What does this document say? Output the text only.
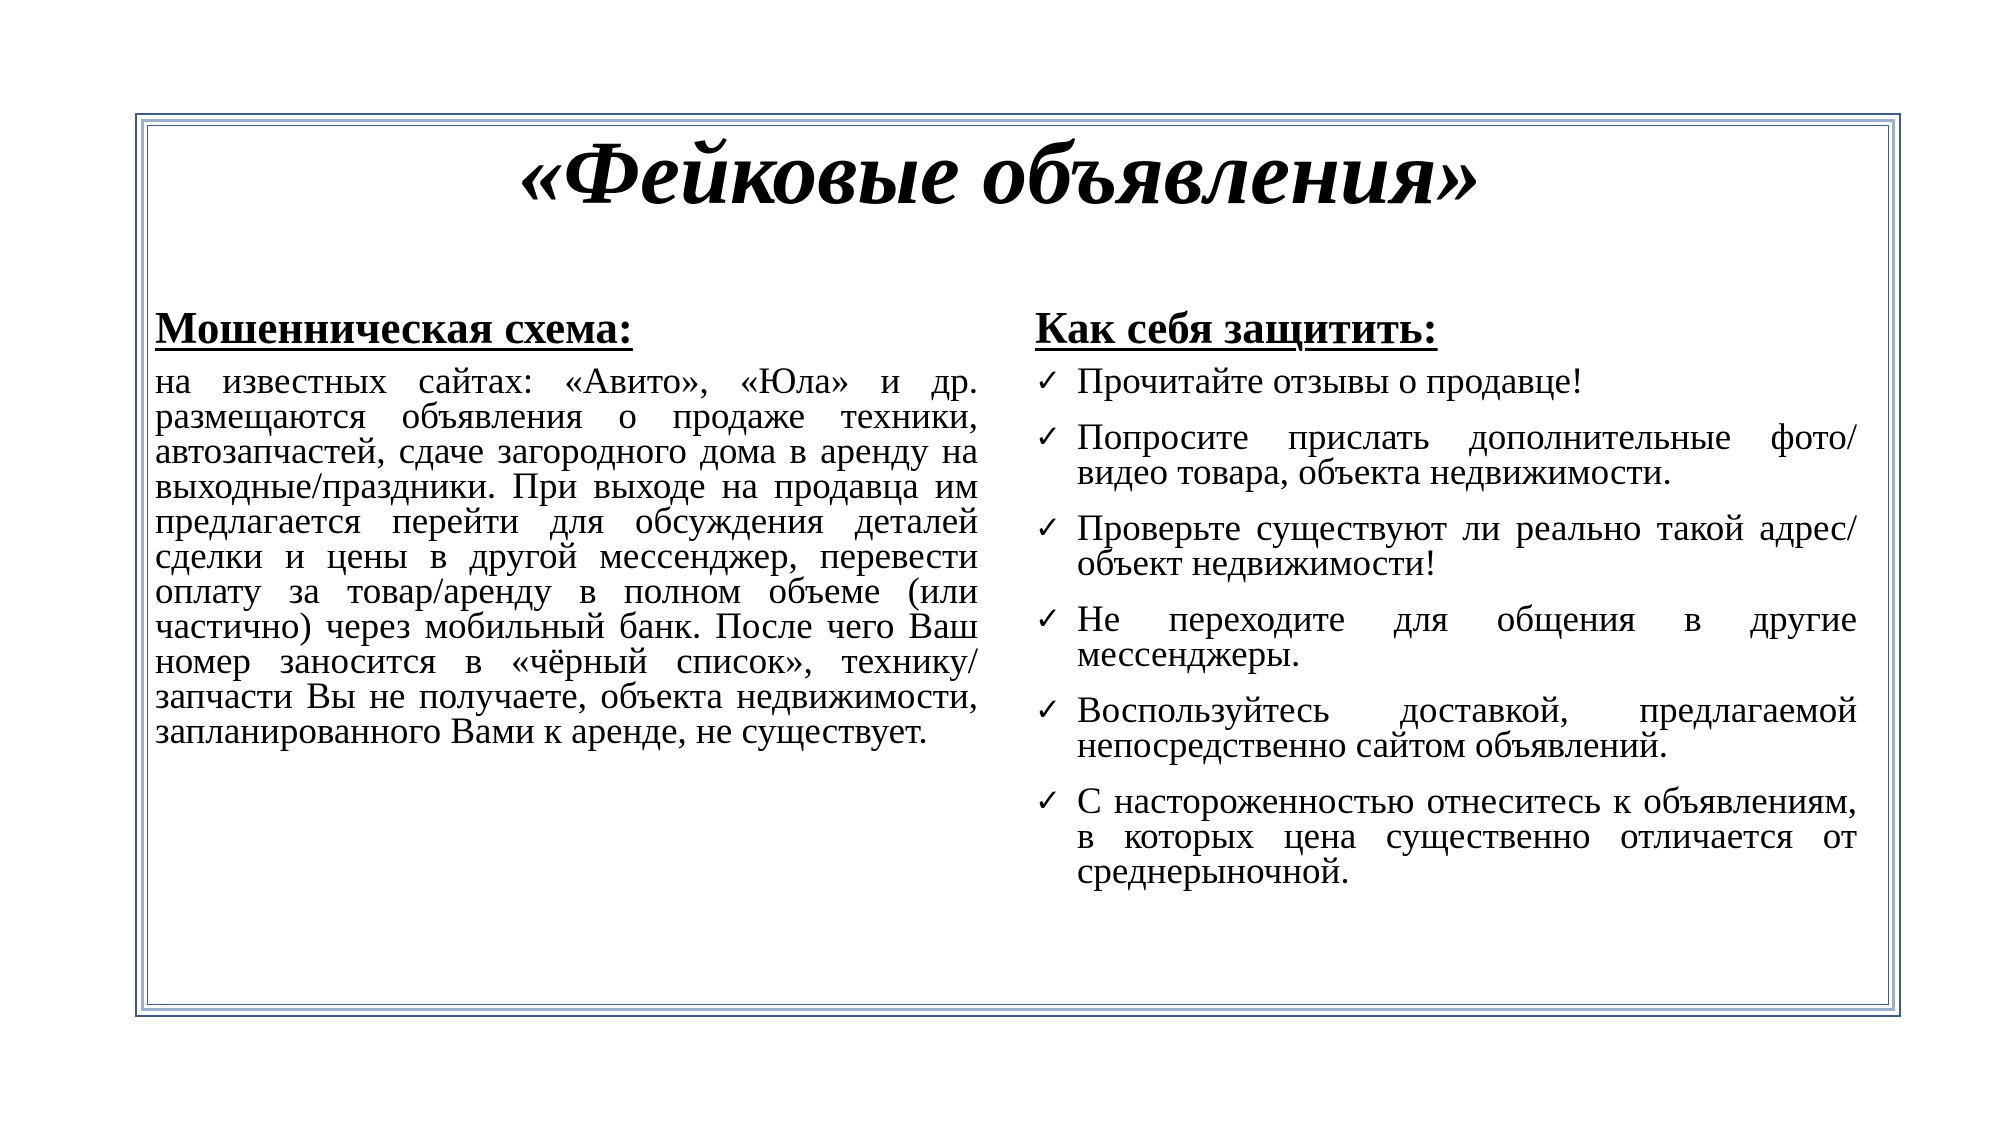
«Фейковые объявления»
Мошенническая схема:

на известных сайтах: «Авито», «Юла» и др. размещаются объявления о продаже техники, автозапчастей, сдаче загородного дома в аренду на выходные/праздники. При выходе на продавца им предлагается перейти для обсуждения деталей сделки и цены в другой мессенджер, перевести оплату за товар/аренду в полном объеме (или частично) через мобильный банк. После чего Ваш номер заносится в «чёрный список», технику/запчасти Вы не получаете, объекта недвижимости, запланированного Вами к аренде, не существует.

Как себя защитить:
✓ Прочитайте отзывы о продавце!
✓ Попросите прислать дополнительные фото/видео товара, объекта недвижимости.
✓ Проверьте существуют ли реально такой адрес/объект недвижимости!
✓ Не переходите для общения в другие мессенджеры.
✓ Воспользуйтесь доставкой, предлагаемой непосредственно сайтом объявлений.
✓ С настороженностью отнеситесь к объявлениям, в которых цена существенно отличается от среднерыночной.
